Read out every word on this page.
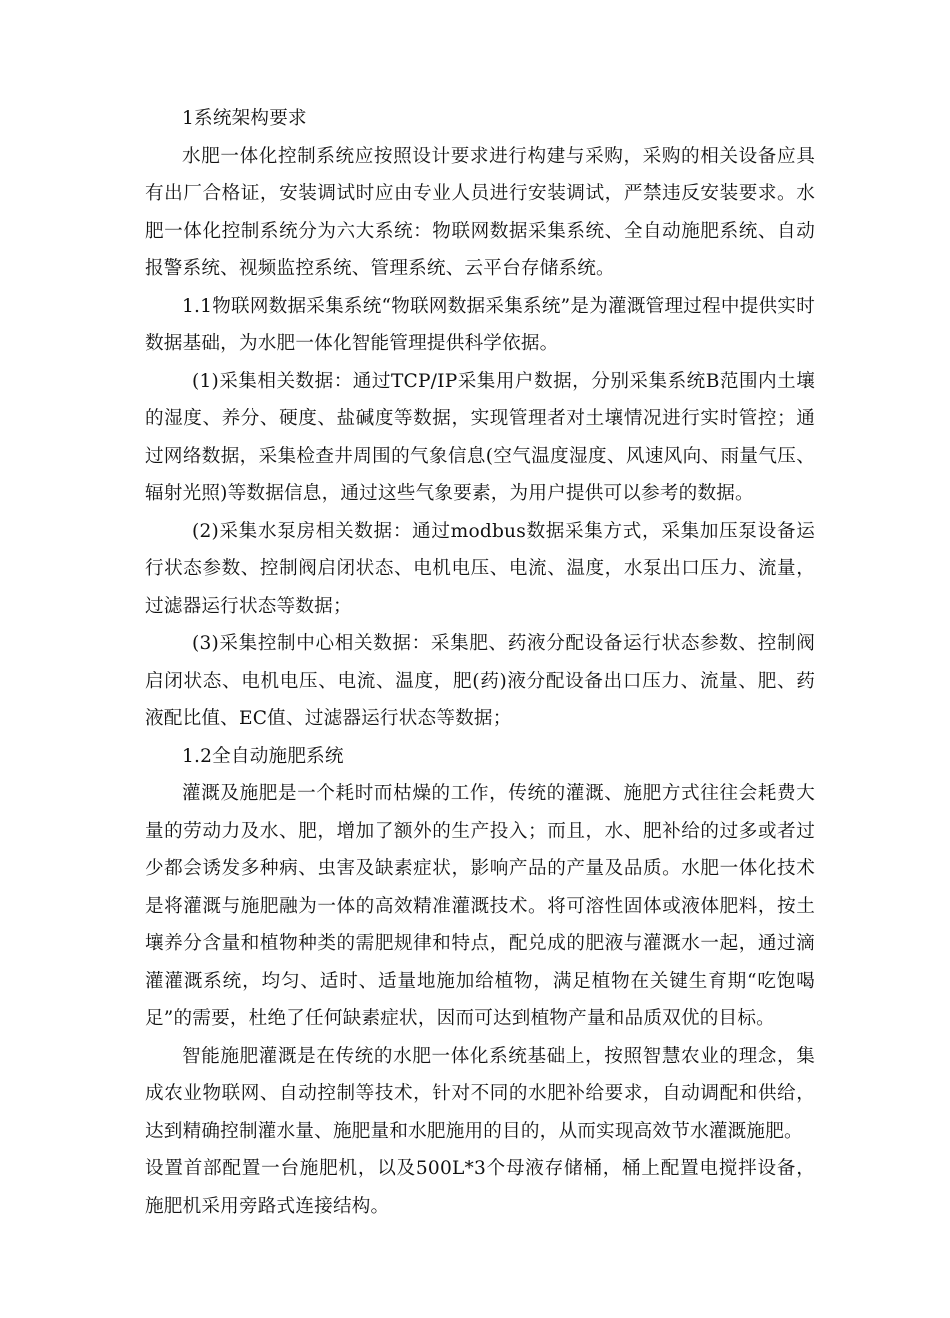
1系统架构要求

水肥一体化控制系统应按照设计要求进行构建与采购，采购的相关设备应具有出厂合格证，安装调试时应由专业人员进行安装调试，严禁违反安装要求。水肥一体化控制系统分为六大系统：物联网数据采集系统、全自动施肥系统、自动报警系统、视频监控系统、管理系统、云平台存储系统。

1.1物联网数据采集系统“物联网数据采集系统”是为灌溉管理过程中提供实时数据基础，为水肥一体化智能管理提供科学依据。

(1)采集相关数据：通过TCP/IP采集用户数据，分别采集系统B范围内土壤的湿度、养分、硬度、盐碱度等数据，实现管理者对土壤情况进行实时管控；通过网络数据，采集检查井周围的气象信息(空气温度湿度、风速风向、雨量气压、辐射光照)等数据信息，通过这些气象要素，为用户提供可以参考的数据。

(2)采集水泵房相关数据：通过modbus数据采集方式，采集加压泵设备运行状态参数、控制阀启闭状态、电机电压、电流、温度，水泵出口压力、流量，过滤器运行状态等数据；

(3)采集控制中心相关数据：采集肥、药液分配设备运行状态参数、控制阀启闭状态、电机电压、电流、温度，肥(药)液分配设备出口压力、流量、肥、药液配比值、EC值、过滤器运行状态等数据；

1.2全自动施肥系统

灌溉及施肥是一个耗时而枯燥的工作，传统的灌溉、施肥方式往往会耗费大量的劳动力及水、肥，增加了额外的生产投入；而且，水、肥补给的过多或者过少都会诱发多种病、虫害及缺素症状，影响产品的产量及品质。水肥一体化技术是将灌溉与施肥融为一体的高效精准灌溉技术。将可溶性固体或液体肥料，按土壤养分含量和植物种类的需肥规律和特点，配兑成的肥液与灌溉水一起，通过滴灌灌溉系统，均匀、适时、适量地施加给植物，满足植物在关键生育期“吃饱喝足”的需要，杜绝了任何缺素症状，因而可达到植物产量和品质双优的目标。

智能施肥灌溉是在传统的水肥一体化系统基础上，按照智慧农业的理念，集成农业物联网、自动控制等技术，针对不同的水肥补给要求，自动调配和供给，达到精确控制灌水量、施肥量和水肥施用的目的，从而实现高效节水灌溉施肥。

设置首部配置一台施肥机，以及500L*3个母液存储桶，桶上配置电搅拌设备，施肥机采用旁路式连接结构。
